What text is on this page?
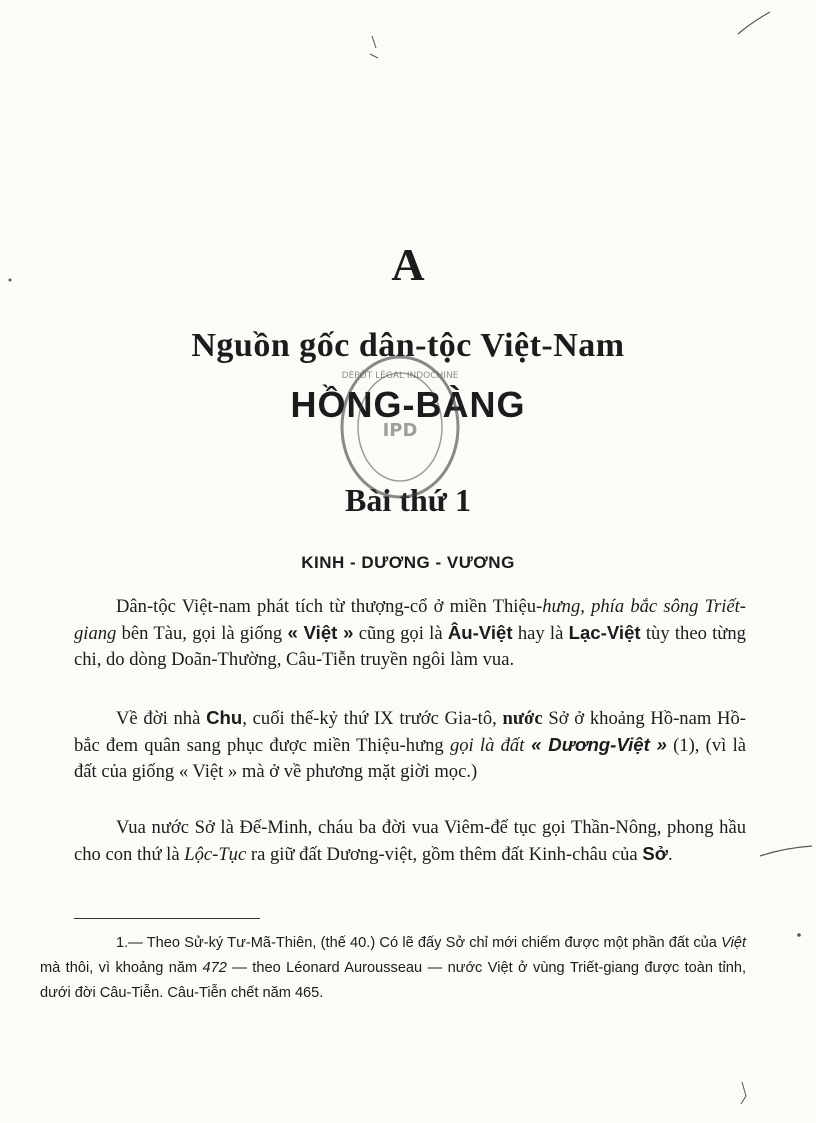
A
Nguồn gốc dân-tộc Việt-Nam
HỒNG-BÀNG
Bài thứ 1
KINH - DƯƠNG - VƯƠNG
DÉPÔT LÉGAL INDOCHINE
IPD

Dân-tộc Việt-nam phát tích từ thượng-cổ ở miền Thiệu-hưng, phía bắc sông Triết-giang bên Tàu, gọi là giống « Việt » cũng gọi là Âu-Việt hay là Lạc-Việt tùy theo từng chi, do dòng Doãn-Thường, Câu-Tiễn truyền ngôi làm vua.

Về đời nhà Chu, cuối thế-kỷ thứ IX trước Gia-tô, nước Sở ở khoảng Hồ-nam Hồ-bắc đem quân sang phục được miền Thiệu-hưng gọi là đất « Dương-Việt » (1), (vì là đất của giống « Việt » mà ở về phương mặt giời mọc.)

Vua nước Sở là Đế-Minh, cháu ba đời vua Viêm-đế tục gọi Thần-Nông, phong hầu cho con thứ là Lộc-Tục ra giữ đất Dương-việt, gồm thêm đất Kinh-châu của Sở.

1.— Theo Sử-ký Tư-Mã-Thiên, (thế 40.) Có lẽ đấy Sở chỉ mới chiếm được một phần đất của Việt mà thôi, vì khoảng năm 472 — theo Léonard Aurousseau — nước Việt ở vùng Triết-giang được toàn tỉnh, dưới đời Câu-Tiễn. Câu-Tiễn chết năm 465.
